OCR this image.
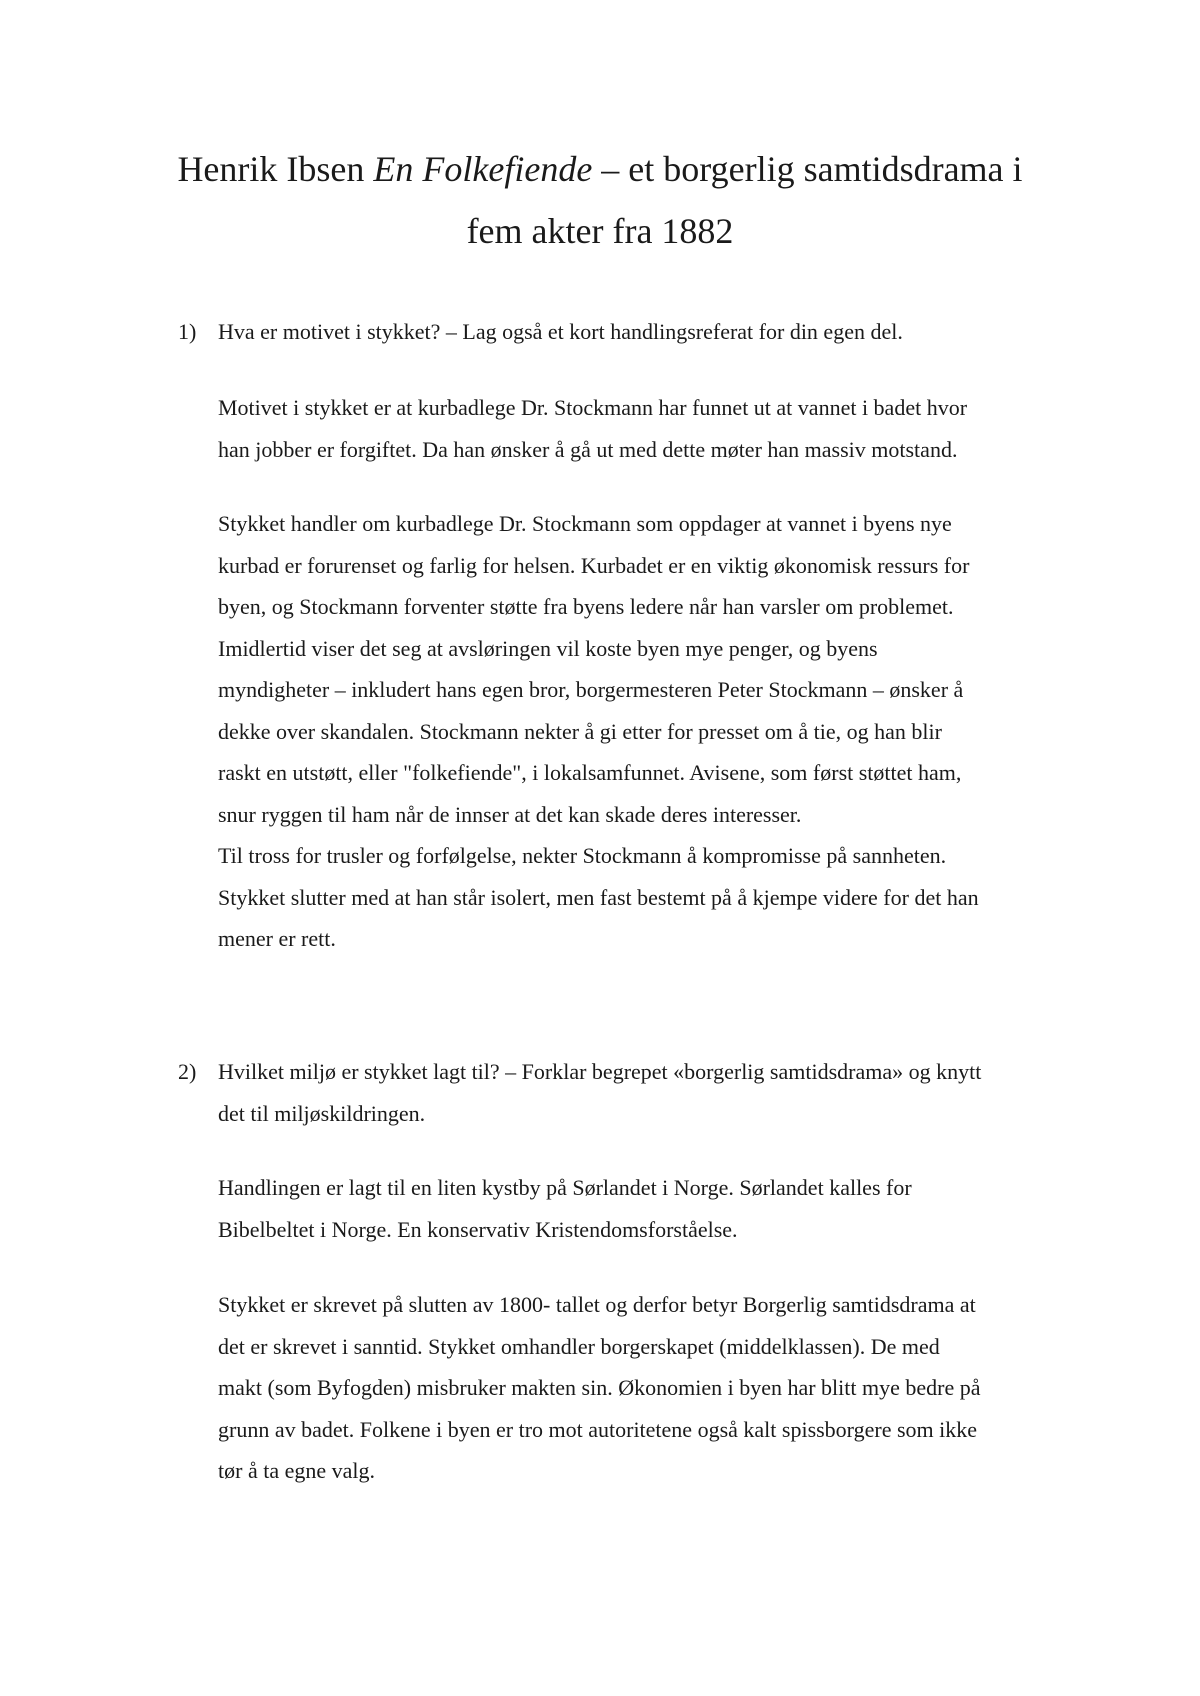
Henrik Ibsen En Folkefiende – et borgerlig samtidsdrama i
fem akter fra 1882
1) Hva er motivet i stykket? – Lag også et kort handlingsreferat for din egen del.
Motivet i stykket er at kurbadlege Dr. Stockmann har funnet ut at vannet i badet hvor
han jobber er forgiftet. Da han ønsker å gå ut med dette møter han massiv motstand.
Stykket handler om kurbadlege Dr. Stockmann som oppdager at vannet i byens nye
kurbad er forurenset og farlig for helsen. Kurbadet er en viktig økonomisk ressurs for
byen, og Stockmann forventer støtte fra byens ledere når han varsler om problemet.
Imidlertid viser det seg at avsløringen vil koste byen mye penger, og byens
myndigheter – inkludert hans egen bror, borgermesteren Peter Stockmann – ønsker å
dekke over skandalen. Stockmann nekter å gi etter for presset om å tie, og han blir
raskt en utstøtt, eller "folkefiende", i lokalsamfunnet. Avisene, som først støttet ham,
snur ryggen til ham når de innser at det kan skade deres interesser.
Til tross for trusler og forfølgelse, nekter Stockmann å kompromisse på sannheten.
Stykket slutter med at han står isolert, men fast bestemt på å kjempe videre for det han
mener er rett.
2) Hvilket miljø er stykket lagt til? – Forklar begrepet «borgerlig samtidsdrama» og knytt
det til miljøskildringen.
Handlingen er lagt til en liten kystby på Sørlandet i Norge. Sørlandet kalles for
Bibelbeltet i Norge. En konservativ Kristendomsforståelse.
Stykket er skrevet på slutten av 1800- tallet og derfor betyr Borgerlig samtidsdrama at
det er skrevet i sanntid. Stykket omhandler borgerskapet (middelklassen). De med
makt (som Byfogden) misbruker makten sin. Økonomien i byen har blitt mye bedre på
grunn av badet. Folkene i byen er tro mot autoritetene også kalt spissborgere som ikke
tør å ta egne valg.
